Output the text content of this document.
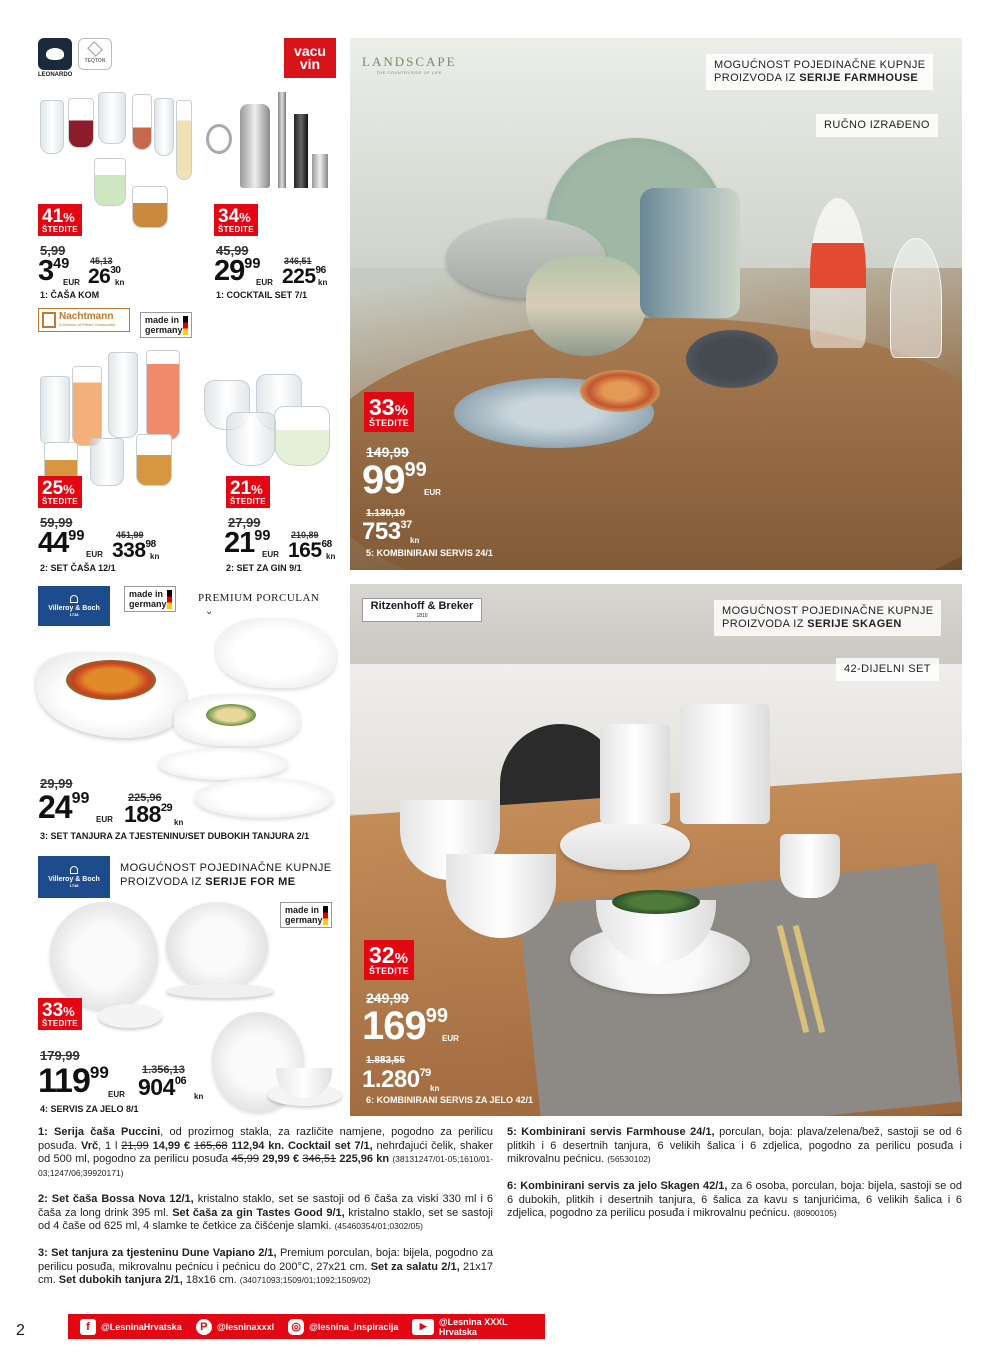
LEONARDO
TEQTON
vacu
vin
41%
ŠTEDITE
5,99
$3^{49}$
EUR
45,13
$26^{30}$
kn
1: ČAŠA KOM
34%
ŠTEDITE
45,99
$29^{99}$
EUR
346,51
$225^{96}$
kn
1: COCKTAIL SET 7/1
Nachtmann
A Division of Riedel Glassworks	made in
germany
25%
ŠTEDITE
59,99
$44^{99}$
EUR
451,99
$338^{98}$
kn
2: SET ČAŠA 12/1
21%
ŠTEDITE
27,99
$21^{99}$
EUR
210,89
$165^{68}$
kn
2: SET ZA GIN 9/1
Villeroy & Boch
1748
made in
germany	PREMIUM PORCULAN
⌄
29,99
$24^{99}$
EUR
225,96
$188^{29}$
kn
3: SET TANJURA ZA TJESTENINU/SET DUBOKIH TANJURA 2/1
Villeroy & Boch
1748
MOGUĆNOST POJEDINAČNE KUPNJE
PROIZVODA IZ SERIJE FOR ME
made in
germany
33%
ŠTEDITE
179,99
$119^{99}$
EUR
1.356,13
$904^{06}$
kn
4: SERVIS ZA JELO 8/1
LANDSCAPE
THE COUNTRYSIDE OF LIFE
MOGUĆNOST POJEDINAČNE KUPNJE
PROIZVODA IZ SERIJE FARMHOUSE
RUČNO IZRAĐENO
33%
ŠTEDITE
149,99
$99^{99}$
EUR
1.130,10
$753^{37}$
kn
5: KOMBINIRANI SERVIS 24/1
Ritzenhoff & Breker
1810	MOGUĆNOST POJEDINAČNE KUPNJE
PROIZVODA IZ SERIJE SKAGEN
42-DIJELNI SET
32%
ŠTEDITE
249,99
$169^{99}$
EUR
1.883,55
1.280$^{79}$
kn
6: KOMBINIRANI SERVIS ZA JELO 42/1
1: Serija čaša Puccini, od prozirnog stakla, za različite namjene, pogodno za perilicu posuđa. Vrč, 1 l 21,99 14,99 € 165,68 112,94 kn. Cocktail set 7/1, nehrđajući čelik, shaker od 500 ml, pogodno za perilicu posuđa 45,99 29,99 € 346,51 225,96 kn (38131247/01-05;1610/01-03;1247/06;39920171)
2: Set čaša Bossa Nova 12/1, kristalno staklo, set se sastoji od 6 čaša za viski 330 ml i 6 čaša za long drink 395 ml. Set čaša za gin Tastes Good 9/1, kristalno staklo, set se sastoji od 4 čaše od 625 ml, 4 slamke te četkice za čišćenje slamki. (45460354/01;0302/05)
3: Set tanjura za tjesteninu Dune Vapiano 2/1, Premium porculan, boja: bijela, pogodno za perilicu posuđa, mikrovalnu pećnicu i pećnicu do 200°C, 27x21 cm. Set za salatu 2/1, 21x17 cm. Set dubokih tanjura 2/1, 18x16 cm. (34071093;1509/01;1092;1509/02)
5: Kombinirani servis Farmhouse 24/1, porculan, boja: plava/zelena/bež, sastoji se od 6 plitkih i 6 desertnih tanjura, 6 velikih šalica i 6 zdjelica, pogodno za perilicu posuđa i mikrovalnu pećnicu. (56530102)
6: Kombinirani servis za jelo Skagen 42/1, za 6 osoba, porculan, boja: bijela, sastoji se od 6 dubokih, plitkih i desertnih tanjura, 6 šalica za kavu s tanjurićima, 6 velikih šalica i 6 zdjelica, pogodno za perilicu posuđa i mikrovalnu pećnicu. (80900105)
2	f	@LesninaHrvatska	P	@lesninaxxxl ◎ @lesnina_inspiracija	▶	@Lesnina XXXL Hrvatska
